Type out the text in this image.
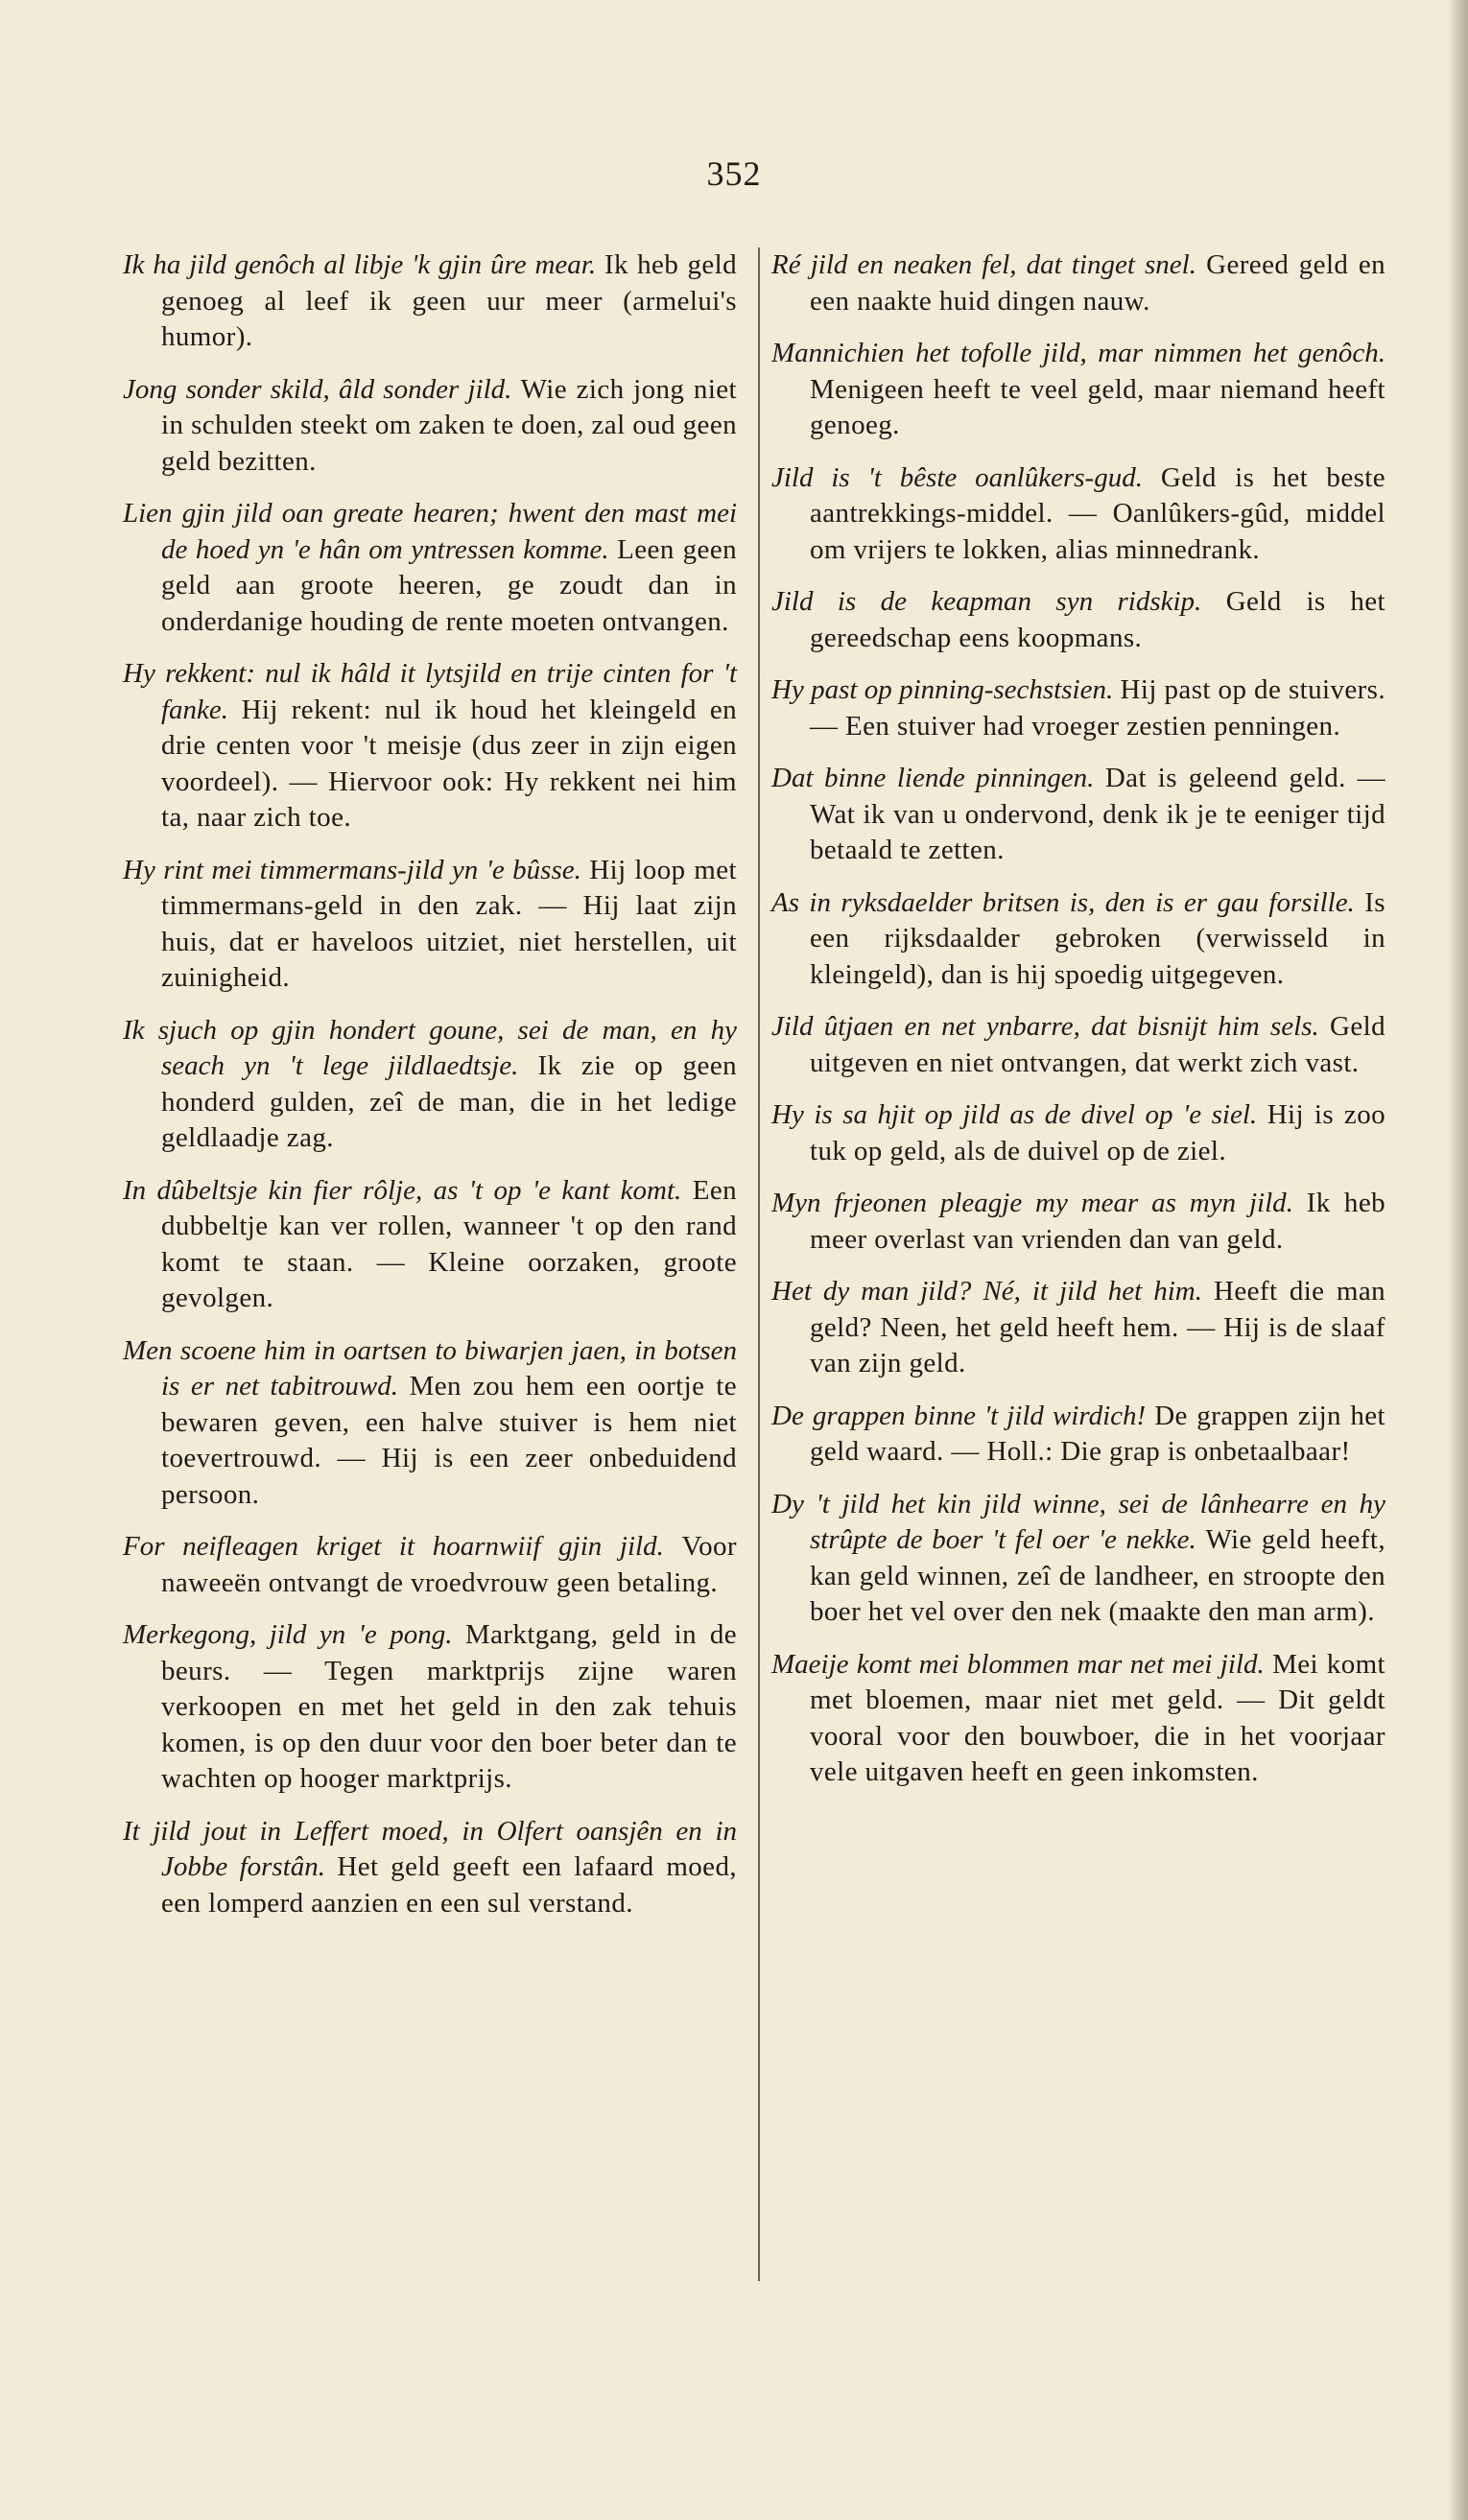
352

Ik ha jild genôch al libje 'k gjin ûre mear. Ik heb geld genoeg al leef ik geen uur meer (armelui's humor).

Jong sonder skild, âld sonder jild. Wie zich jong niet in schulden steekt om zaken te doen, zal oud geen geld bezitten.

Lien gjin jild oan greate hearen; hwent den mast mei de hoed yn 'e hân om yntressen komme. Leen geen geld aan groote heeren, ge zoudt dan in onderdanige houding de rente moeten ontvangen.

Hy rekkent: nul ik hâld it lytsjild en trije cinten for 't fanke. Hij rekent: nul ik houd het kleingeld en drie centen voor 't meisje (dus zeer in zijn eigen voordeel). — Hiervoor ook: Hy rekkent nei him ta, naar zich toe.

Hy rint mei timmermans-jild yn 'e bûsse. Hij loop met timmermans-geld in den zak. — Hij laat zijn huis, dat er haveloos uitziet, niet herstellen, uit zuinigheid.

Ik sjuch op gjin hondert goune, sei de man, en hy seach yn 't lege jildlaedtsje. Ik zie op geen honderd gulden, zeî de man, die in het ledige geldlaadje zag.

In dûbeltsje kin fier rôlje, as 't op 'e kant komt. Een dubbeltje kan ver rollen, wanneer 't op den rand komt te staan. — Kleine oorzaken, groote gevolgen.

Men scoene him in oartsen to biwarjen jaen, in botsen is er net tabitrouwd. Men zou hem een oortje te bewaren geven, een halve stuiver is hem niet toevertrouwd. — Hij is een zeer onbeduidend persoon.

For neifleagen kriget it hoarnwiif gjin jild. Voor naweeën ontvangt de vroedvrouw geen betaling.

Merkegong, jild yn 'e pong. Marktgang, geld in de beurs. — Tegen marktprijs zijne waren verkoopen en met het geld in den zak tehuis komen, is op den duur voor den boer beter dan te wachten op hooger marktprijs.

It jild jout in Leffert moed, in Olfert oansjên en in Jobbe forstân. Het geld geeft een lafaard moed, een lomperd aanzien en een sul verstand.

Ré jild en neaken fel, dat tinget snel. Gereed geld en een naakte huid dingen nauw.

Mannichien het tofolle jild, mar nimmen het genôch. Menigeen heeft te veel geld, maar niemand heeft genoeg.

Jild is 't bêste oanlûkers-gud. Geld is het beste aantrekkings-middel. — Oanlûkers-gûd, middel om vrijers te lokken, alias minnedrank.

Jild is de keapman syn ridskip. Geld is het gereedschap eens koopmans.

Hy past op pinning-sechstsien. Hij past op de stuivers. — Een stuiver had vroeger zestien penningen.

Dat binne liende pinningen. Dat is geleend geld. — Wat ik van u ondervond, denk ik je te eeniger tijd betaald te zetten.

As in ryksdaelder britsen is, den is er gau forsille. Is een rijksdaalder gebroken (verwisseld in kleingeld), dan is hij spoedig uitgegeven.

Jild ûtjaen en net ynbarre, dat bisnijt him sels. Geld uitgeven en niet ontvangen, dat werkt zich vast.

Hy is sa hjit op jild as de divel op 'e siel. Hij is zoo tuk op geld, als de duivel op de ziel.

Myn frjeonen pleagje my mear as myn jild. Ik heb meer overlast van vrienden dan van geld.

Het dy man jild? Né, it jild het him. Heeft die man geld? Neen, het geld heeft hem. — Hij is de slaaf van zijn geld.

De grappen binne 't jild wirdich! De grappen zijn het geld waard. — Holl.: Die grap is onbetaalbaar!

Dy 't jild het kin jild winne, sei de lânhearre en hy strûpte de boer 't fel oer 'e nekke. Wie geld heeft, kan geld winnen, zeî de landheer, en stroopte den boer het vel over den nek (maakte den man arm).

Maeije komt mei blommen mar net mei jild. Mei komt met bloemen, maar niet met geld. — Dit geldt vooral voor den bouwboer, die in het voorjaar vele uitgaven heeft en geen inkomsten.
